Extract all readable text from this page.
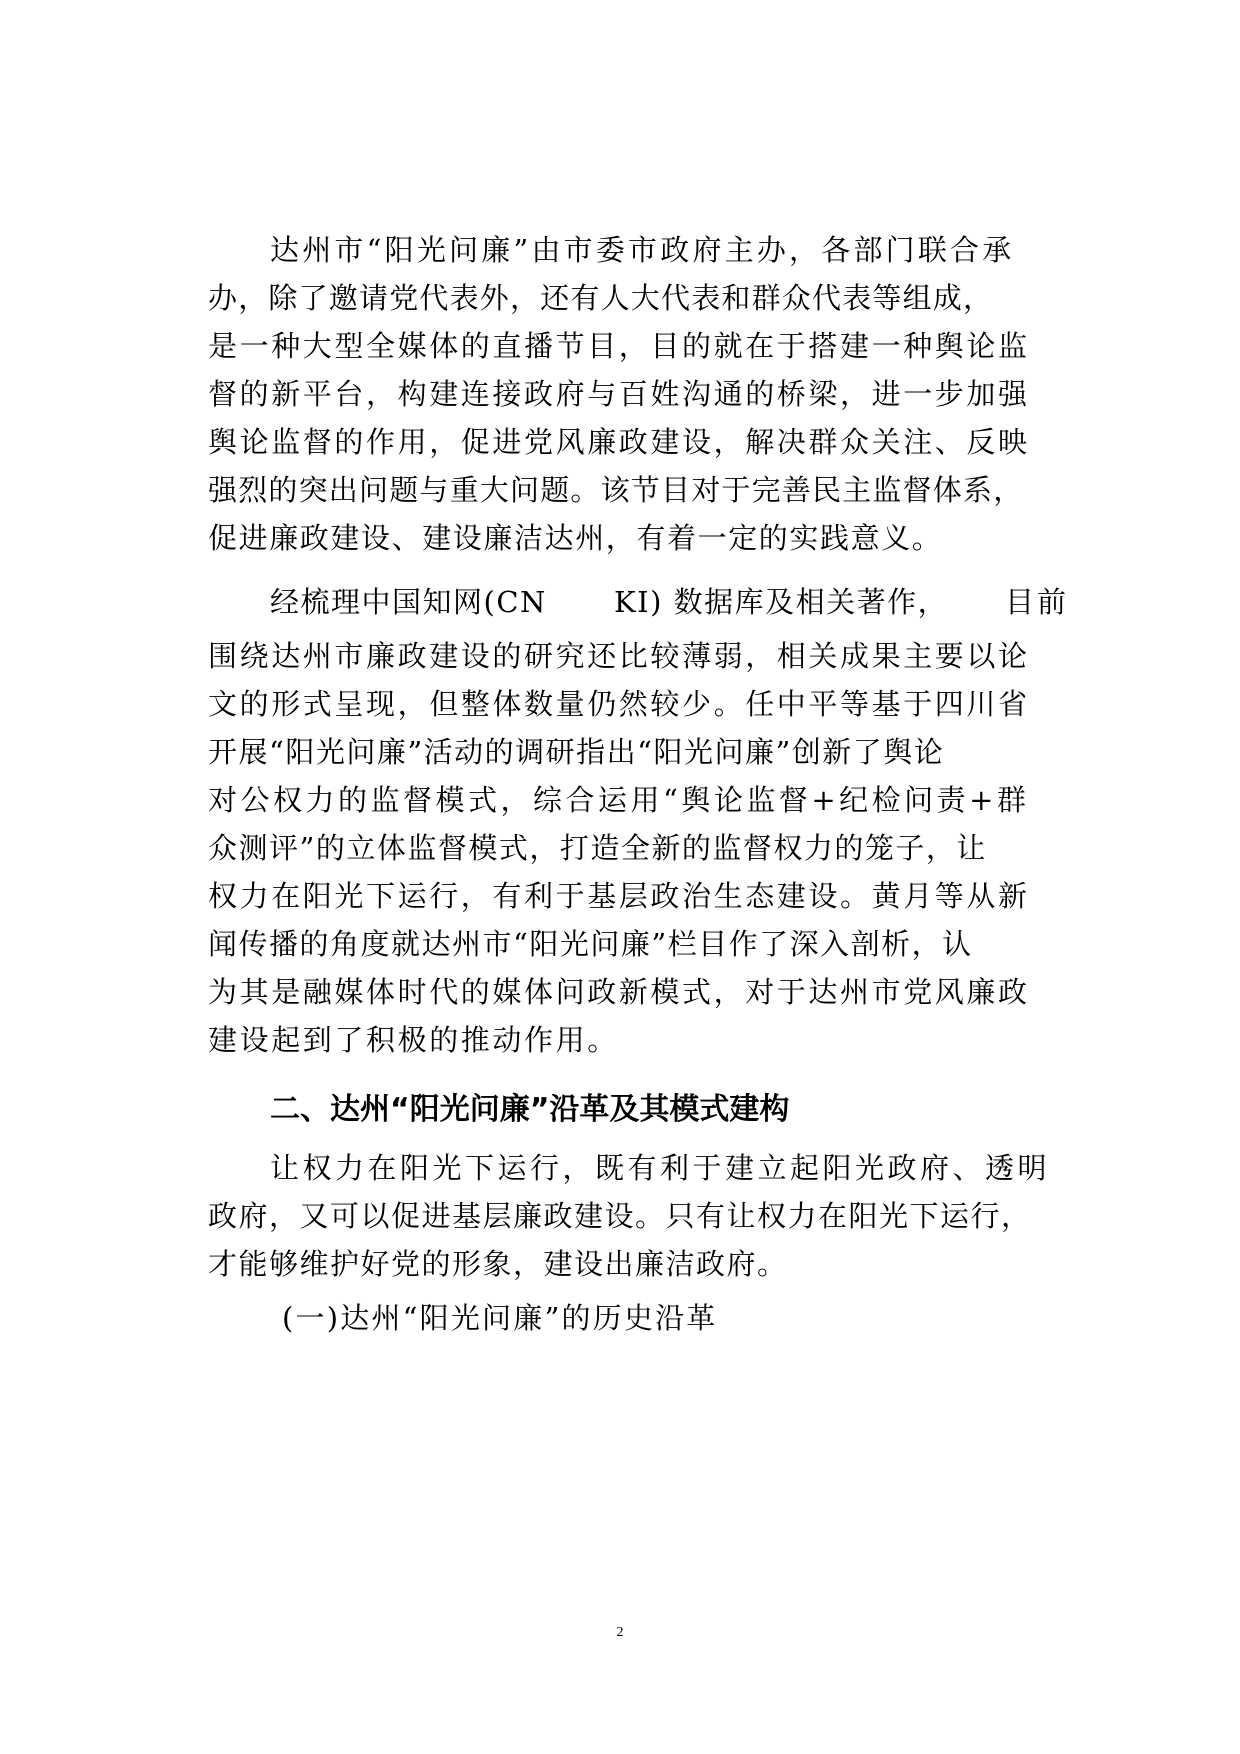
达州市“阳光问廉”由市委市政府主办，各部门联合承
办，除了邀请党代表外，还有人大代表和群众代表等组成，
是一种大型全媒体的直播节目，目的就在于搭建一种舆论监
督的新平台，构建连接政府与百姓沟通的桥梁，进一步加强
舆论监督的作用，促进党风廉政建设，解决群众关注、反映
强烈的突出问题与重大问题。该节目对于完善民主监督体系，
促进廉政建设、建设廉洁达州，有着一定的实践意义。
经梳理中国知网(CN KI) 数据库及相关著作， 目前
围绕达州市廉政建设的研究还比较薄弱，相关成果主要以论
文的形式呈现，但整体数量仍然较少。任中平等基于四川省
开展“阳光问廉”活动的调研指出“阳光问廉”创新了舆论
对公权力的监督模式，综合运用“舆论监督+纪检问责+群
众测评”的立体监督模式，打造全新的监督权力的笼子，让
权力在阳光下运行，有利于基层政治生态建设。黄月等从新
闻传播的角度就达州市“阳光问廉”栏目作了深入剖析，认
为其是融媒体时代的媒体问政新模式，对于达州市党风廉政
建设起到了积极的推动作用。
二、达州“阳光问廉”沿革及其模式建构
让权力在阳光下运行，既有利于建立起阳光政府、透明
政府，又可以促进基层廉政建设。只有让权力在阳光下运行，
才能够维护好党的形象，建设出廉洁政府。
(一)达州“阳光问廉”的历史沿革
2
